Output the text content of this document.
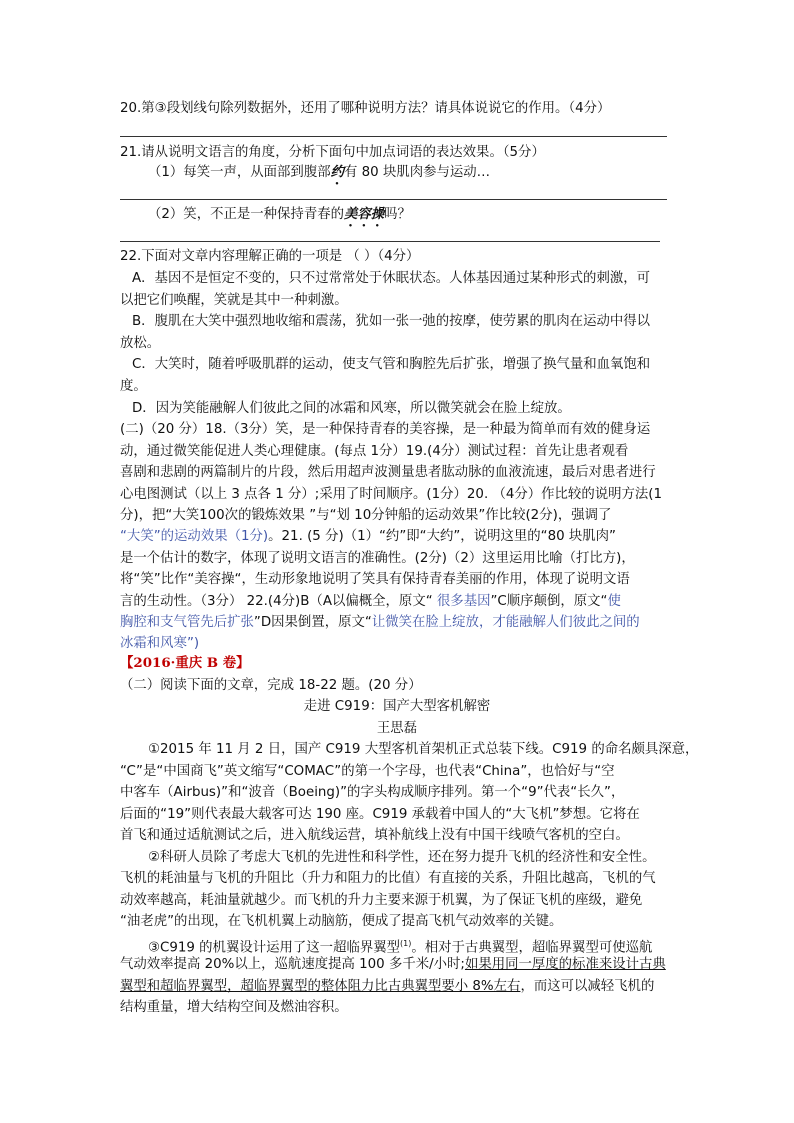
20.第③段划线句除列数据外，还用了哪种说明方法？请具体说说它的作用。（4分）
21.请从说明文语言的角度，分析下面句中加点词语的表达效果。（5分）
（1）每笑一声，从面部到腹部约有 80 块肌肉参与运动…
（2）笑，不正是一种保持青春的美容操吗？
22.下面对文章内容理解正确的一项是 （ ）（4分）
A．基因不是恒定不变的，只不过常常处于休眠状态。人体基因通过某种形式的刺激，可
以把它们唤醒，笑就是其中一种刺激。
B．腹肌在大笑中强烈地收缩和震荡，犹如一张一弛的按摩，使劳累的肌肉在运动中得以
放松。
C．大笑时，随着呼吸肌群的运动，使支气管和胸腔先后扩张，增强了换气量和血氧饱和
度。
D．因为笑能融解人们彼此之间的冰霜和风寒，所以微笑就会在脸上绽放。
(二)（20 分）18.（3分）笑，是一种保持青春的美容操，是一种最为简单而有效的健身运
动，通过微笑能促进人类心理健康。(每点 1分）19.(4分）测试过程：首先让患者观看
喜剧和悲剧的两篇制片的片段，然后用超声波测量患者肱动脉的血液流速，最后对患者进行
心电图测试（以上 3 点各 1 分）;采用了时间顺序。(1分）20. （4分）作比较的说明方法(1
分)，把“大笑100次的锻炼效果 ”与“划 10分钟船的运动效果”作比较(2分)，强调了
“大笑”的运动效果（1分)。21. (5 分)（1）“约”即“大约”，说明这里的“80 块肌肉”
是一个估计的数字，体现了说明文语言的准确性。(2分)（2）这里运用比喻（打比方)，
将“笑”比作“美容操“，生动形象地说明了笑具有保持青春美丽的作用，体现了说明文语
言的生动性。（3分） 22.(4分)B（A以偏概全，原文“ 很多基因”C顺序颠倒，原文“使
胸腔和支气管先后扩张”D因果倒置，原文“让微笑在脸上绽放，才能融解人们彼此之间的
冰霜和风寒”)
【2016·重庆 B 卷】
（二）阅读下面的文章，完成 18-22 题。(20 分）
走进 C919：国产大型客机解密
王思磊
①2015 年 11 月 2 日，国产 C919 大型客机首架机正式总装下线。C919 的命名颇具深意，
“C”是“中国商飞”英文缩写“COMAC”的第一个字母，也代表“China”，也恰好与“空
中客车（Airbus)”和“波音（Boeing)”的字头构成顺序排列。第一个“9”代表“长久”，
后面的“19”则代表最大载客可达 190 座。C919 承载着中国人的“大飞机”梦想。它将在
首飞和通过适航测试之后，进入航线运营，填补航线上没有中国干线喷气客机的空白。
②科研人员除了考虑大飞机的先进性和科学性，还在努力提升飞机的经济性和安全性。
飞机的耗油量与飞机的升阻比（升力和阻力的比值）有直接的关系，升阻比越高，飞机的气
动效率越高，耗油量就越少。而飞机的升力主要来源于机翼，为了保证飞机的座级，避免
“油老虎”的出现，在飞机机翼上动脑筋，便成了提高飞机气动效率的关键。
③C919 的机翼设计运用了这一超临界翼型$^{(1)}$。相对于古典翼型，超临界翼型可使巡航
气动效率提高 20%以上，巡航速度提高 100 多千米/小时;如果用同一厚度的标准来设计古典
翼型和超临界翼型，超临界翼型的整体阻力比古典翼型要小 8%左右，而这可以减轻飞机的
结构重量，增大结构空间及燃油容积。
